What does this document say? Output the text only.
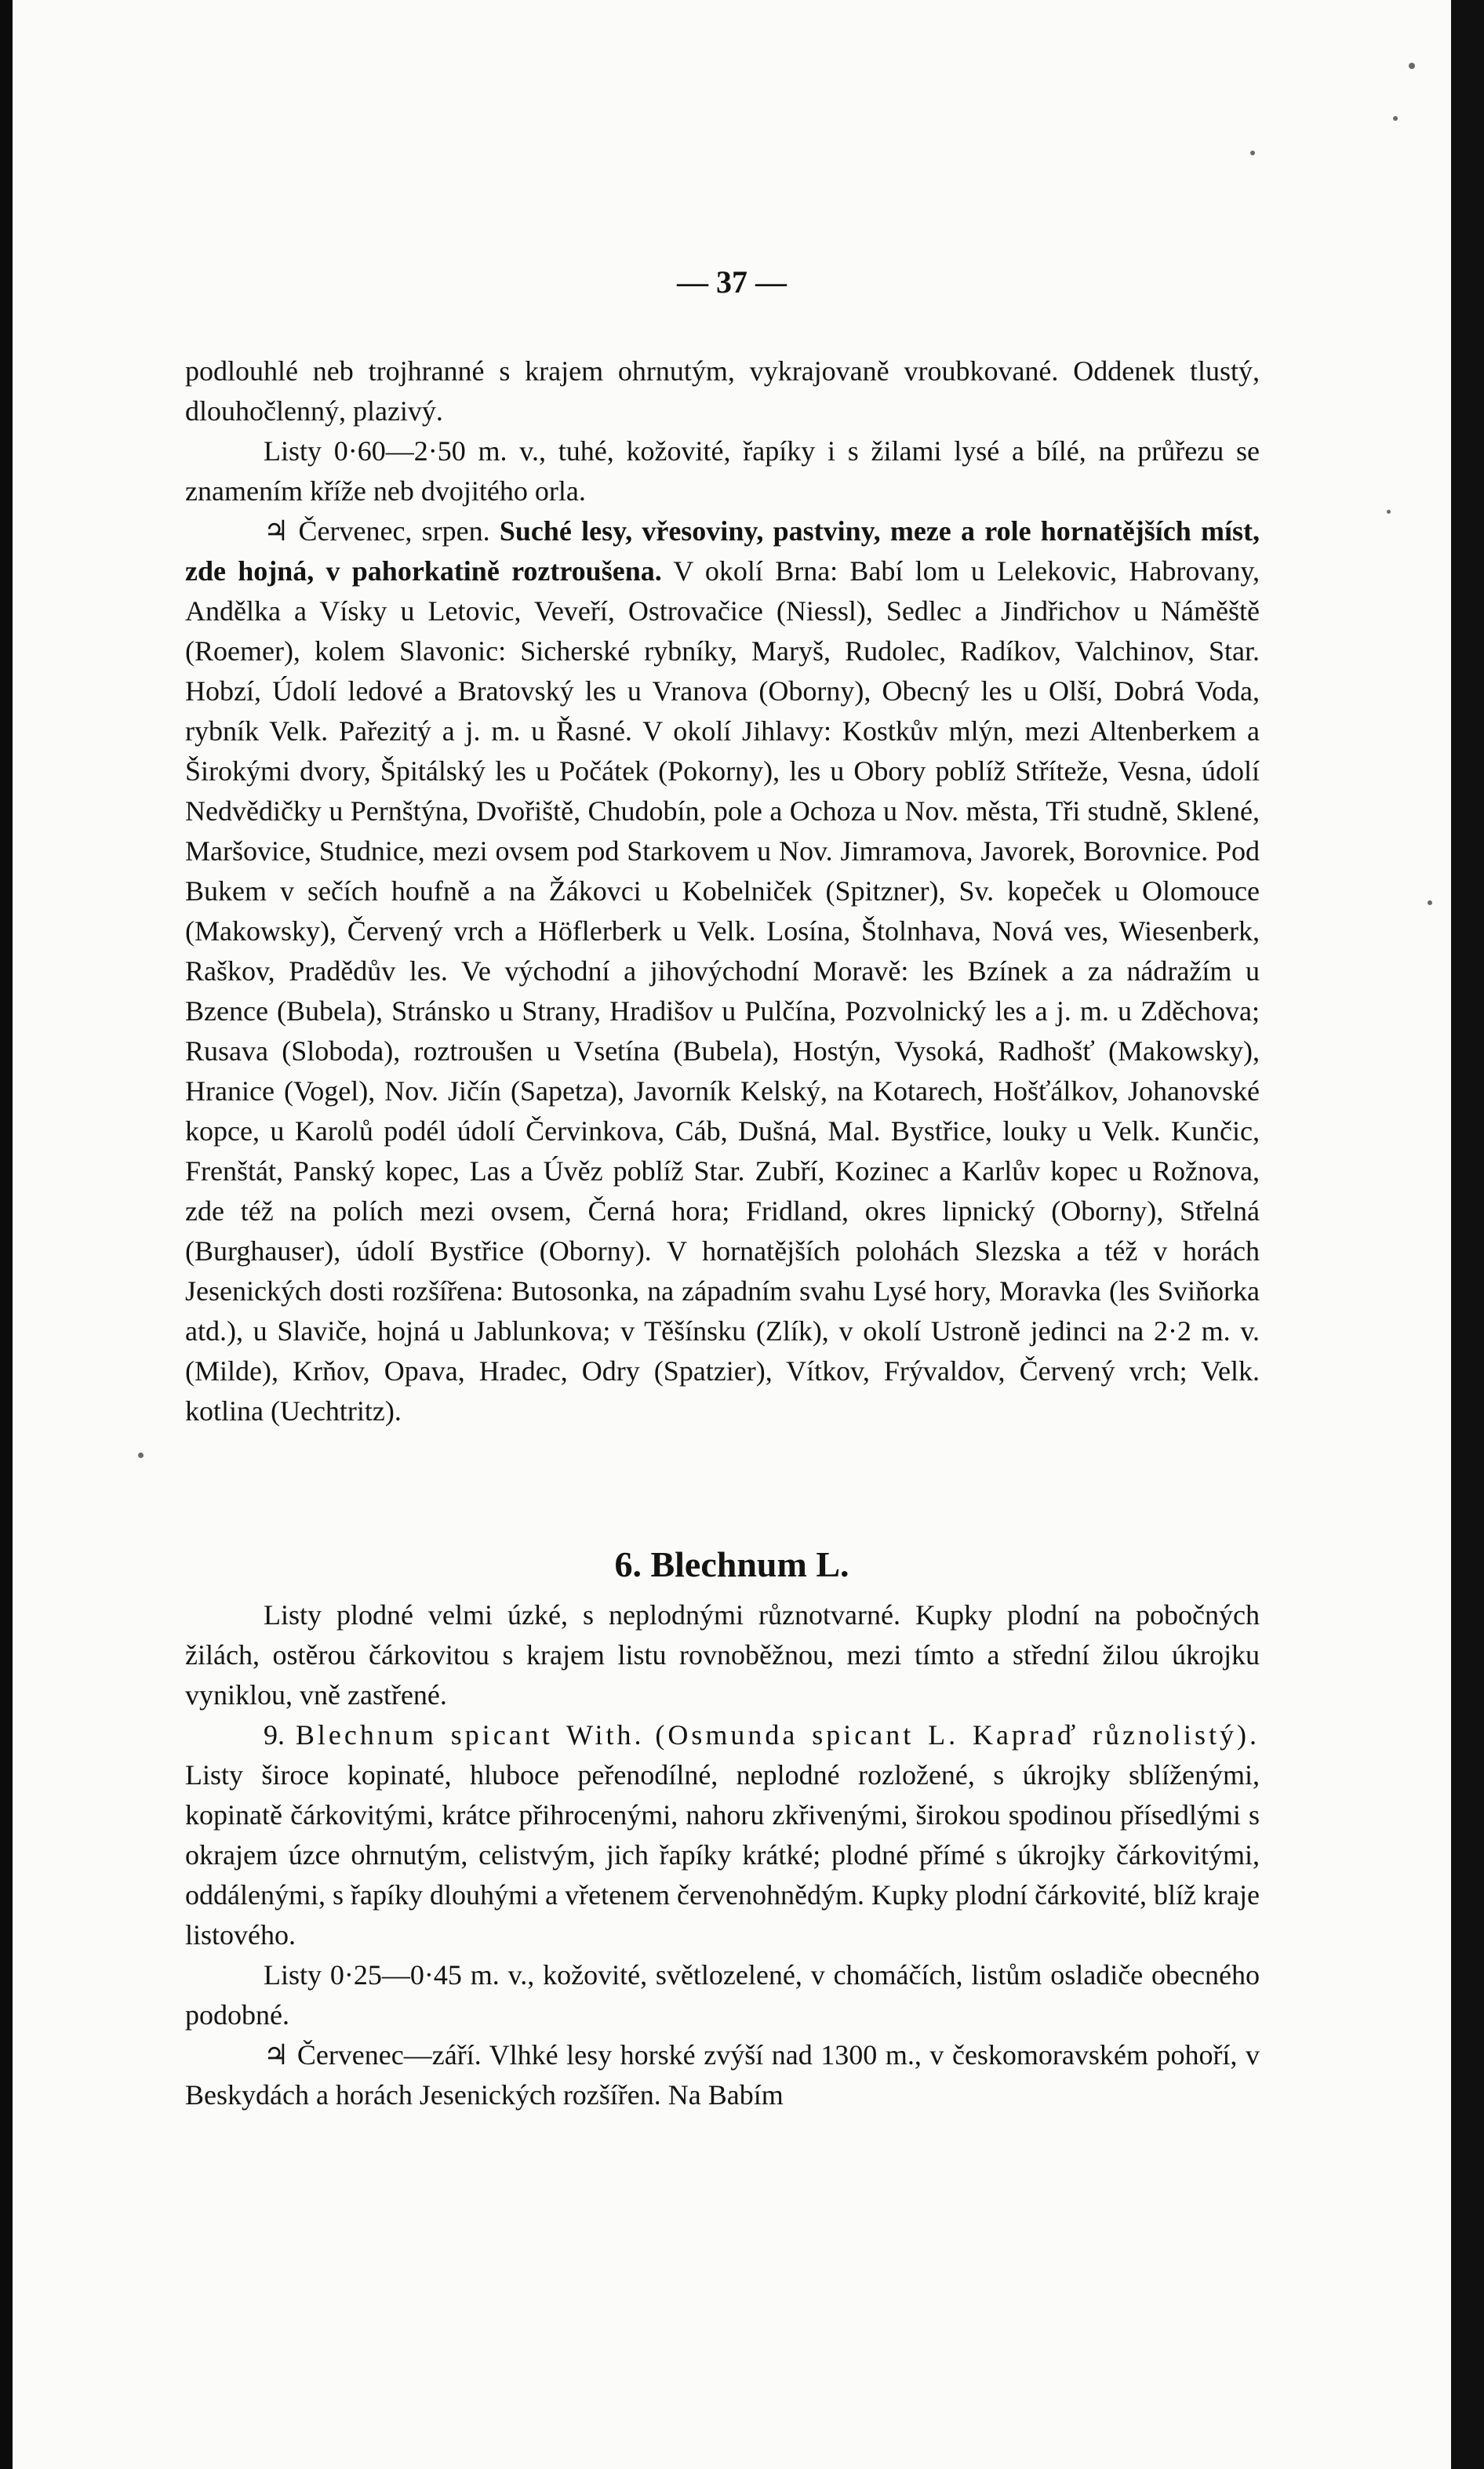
— 37 —

podlouhlé neb trojhranné s krajem ohrnutým, vykrajovaně vroubkované. Oddenek tlustý, dlouhočlenný, plazivý.

Listy 0·60—2·50 m. v., tuhé, kožovité, řapíky i s žilami lysé a bílé, na průřezu se znamením kříže neb dvojitého orla.

♃ Červenec, srpen. Suché lesy, vřesoviny, pastviny, meze a role hornatějších míst, zde hojná, v pahorkatině roztroušena. V okolí Brna: Babí lom u Lelekovic, Habrovany, Andělka a Vísky u Letovic, Veveří, Ostrovačice (Niessl), Sedlec a Jindřichov u Náměště (Roemer), kolem Slavonic: Sicherské rybníky, Maryš, Rudolec, Radíkov, Valchinov, Star. Hobzí, Údolí ledové a Bratovský les u Vranova (Oborny), Obecný les u Olší, Dobrá Voda, rybník Velk. Pařezitý a j. m. u Řasné. V okolí Jihlavy: Kostkův mlýn, mezi Altenberkem a Širokými dvory, Špitálský les u Počátek (Pokorny), les u Obory poblíž Stříteže, Vesna, údolí Nedvědičky u Pernštýna, Dvořiště, Chudobín, pole a Ochoza u Nov. města, Tři studně, Sklené, Maršovice, Studnice, mezi ovsem pod Starkovem u Nov. Jimramova, Javorek, Borovnice. Pod Bukem v sečích houfně a na Žákovci u Kobelniček (Spitzner), Sv. kopeček u Olomouce (Makowsky), Červený vrch a Höflerberk u Velk. Losína, Štolnhava, Nová ves, Wiesenberk, Raškov, Pradědův les. Ve východní a jihovýchodní Moravě: les Bzínek a za nádražím u Bzence (Bubela), Stránsko u Strany, Hradišov u Pulčína, Pozvolnický les a j. m. u Zděchova; Rusava (Sloboda), roztroušen u Vsetína (Bubela), Hostýn, Vysoká, Radhošť (Makowsky), Hranice (Vogel), Nov. Jičín (Sapetza), Javorník Kelský, na Kotarech, Hošťálkov, Johanovské kopce, u Karolů podél údolí Červinkova, Cáb, Dušná, Mal. Bystřice, louky u Velk. Kunčic, Frenštát, Panský kopec, Las a Úvěz poblíž Star. Zubří, Kozinec a Karlův kopec u Rožnova, zde též na polích mezi ovsem, Černá hora; Fridland, okres lipnický (Oborny), Střelná (Burghauser), údolí Bystřice (Oborny). V hornatějších polohách Slezska a též v horách Jesenických dosti rozšířena: Butosonka, na západním svahu Lysé hory, Moravka (les Sviňorka atd.), u Slaviče, hojná u Jablunkova; v Těšínsku (Zlík), v okolí Ustroně jedinci na 2·2 m. v. (Milde), Krňov, Opava, Hradec, Odry (Spatzier), Vítkov, Frývaldov, Červený vrch; Velk. kotlina (Uechtritz).

6. Blechnum L.

Listy plodné velmi úzké, s neplodnými různotvarné. Kupky plodní na pobočných žilách, ostěrou čárkovitou s krajem listu rovnoběžnou, mezi tímto a střední žilou úkrojku vyniklou, vně zastřené.

9. Blechnum spicant With. (Osmunda spicant L. Kapraď různolistý). Listy široce kopinaté, hluboce peřenodílné, neplodné rozložené, s úkrojky sblíženými, kopinatě čárkovitými, krátce přihrocenými, nahoru zkřivenými, širokou spodinou přísedlými s okrajem úzce ohrnutým, celistvým, jich řapíky krátké; plodné přímé s úkrojky čárkovitými, oddálenými, s řapíky dlouhými a vřetenem červenohnědým. Kupky plodní čárkovité, blíž kraje listového.

Listy 0·25—0·45 m. v., kožovité, světlozelené, v chomáčích, listům osladiče obecného podobné.

♃ Červenec—září. Vlhké lesy horské zvýší nad 1300 m., v českomoravském pohoří, v Beskydách a horách Jesenických rozšířen. Na Babím
